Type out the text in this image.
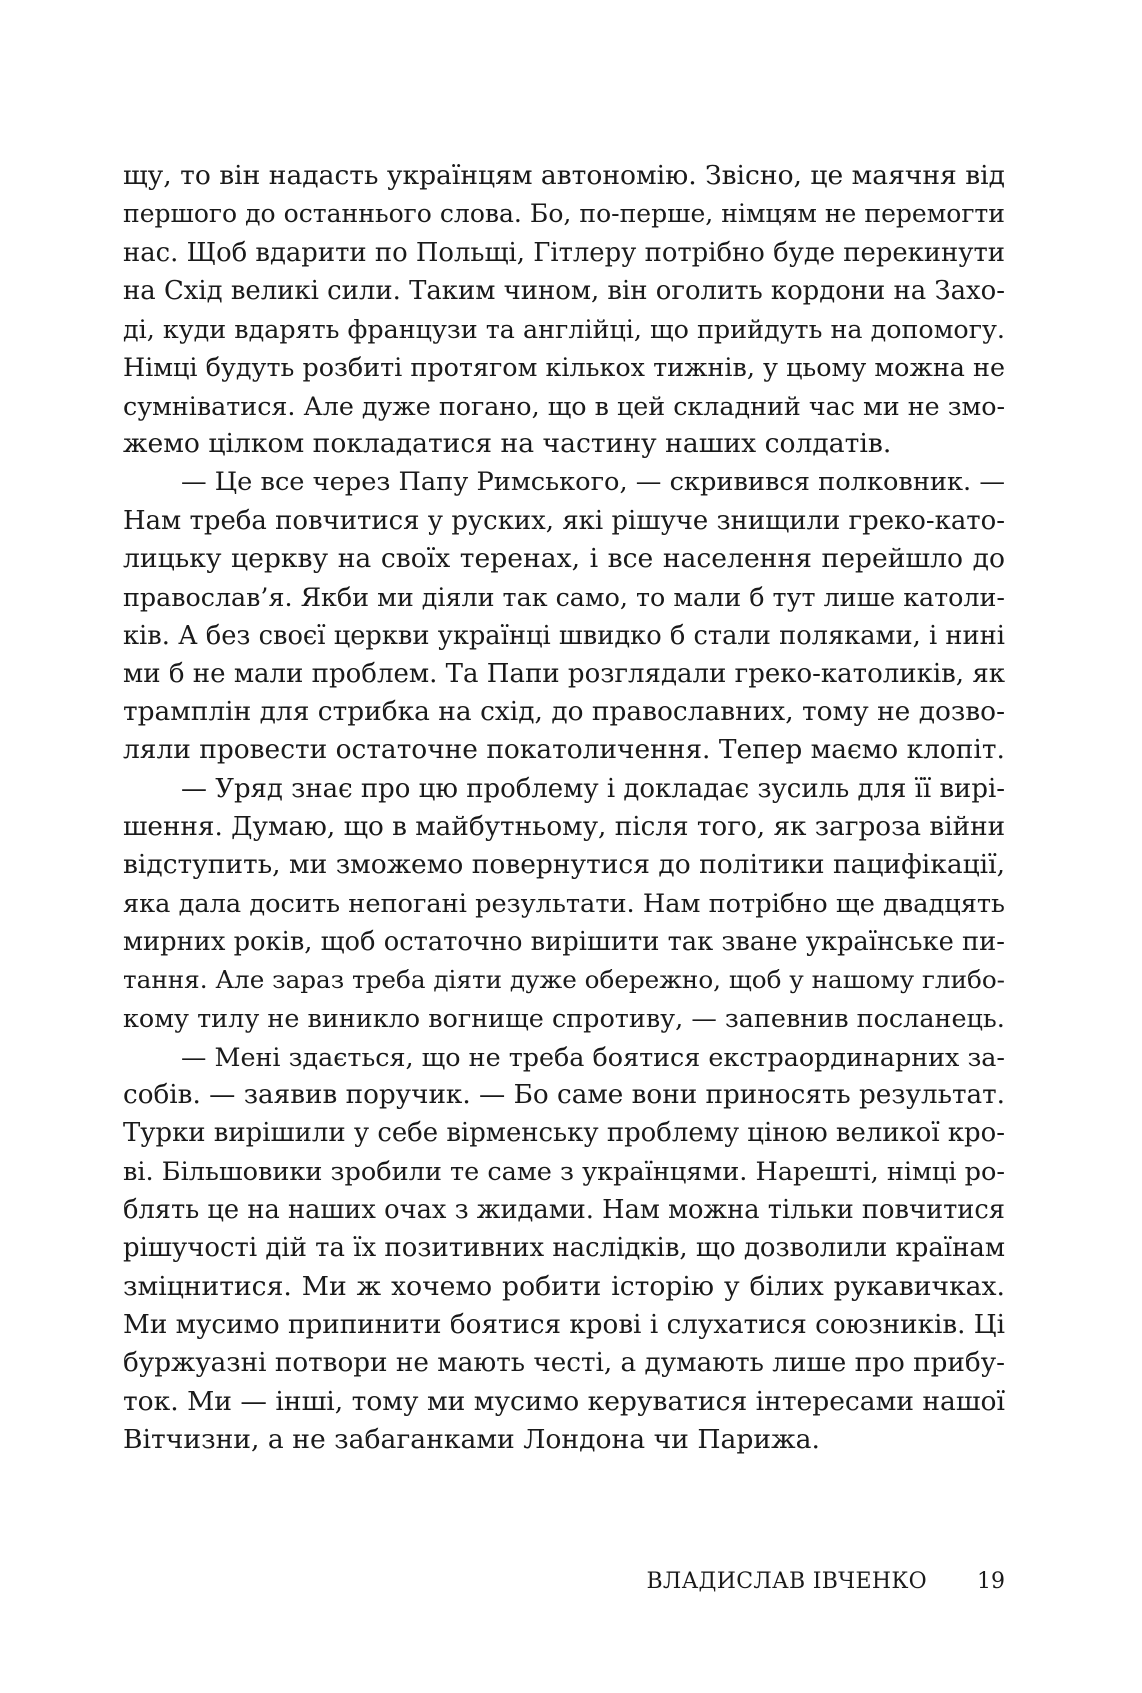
щу, то він надасть українцям автономію. Звісно, це маячня від

першого до останнього слова. Бо, по-перше, німцям не перемогти

нас. Щоб вдарити по Польщі, Гітлеру потрібно буде перекинути

на Схід великі сили. Таким чином, він оголить кордони на Захо-

ді, куди вдарять французи та англійці, що прийдуть на допомогу.

Німці будуть розбиті протягом кількох тижнів, у цьому можна не

сумніватися. Але дуже погано, що в цей складний час ми не змо-

жемо цілком покладатися на частину наших солдатів.

— Це все через Папу Римського, — скривився полковник. —

Нам треба повчитися у руских, які рішуче знищили греко-като-

лицьку церкву на своїх теренах, і все населення перейшло до

православ’я. Якби ми діяли так само, то мали б тут лише католи-

ків. А без своєї церкви українці швидко б стали поляками, і нині

ми б не мали проблем. Та Папи розглядали греко-католиків, як

трамплін для стрибка на схід, до православних, тому не дозво-

ляли провести остаточне покатоличення. Тепер маємо клопіт.

— Уряд знає про цю проблему і докладає зусиль для її вирі-

шення. Думаю, що в майбутньому, після того, як загроза війни

відступить, ми зможемо повернутися до політики пацифікації,

яка дала досить непогані результати. Нам потрібно ще двадцять

мирних років, щоб остаточно вирішити так зване українське пи-

тання. Але зараз треба діяти дуже обережно, щоб у нашому глибо-

кому тилу не виникло вогнище спротиву, — запевнив посланець.

— Мені здається, що не треба боятися екстраординарних за-

собів. — заявив поручик. — Бо саме вони приносять результат.

Турки вирішили у себе вірменську проблему ціною великої кро-

ві. Більшовики зробили те саме з українцями. Нарешті, німці ро-

блять це на наших очах з жидами. Нам можна тільки повчитися

рішучості дій та їх позитивних наслідків, що дозволили країнам

зміцнитися. Ми ж хочемо робити історію у білих рукавичках.

Ми мусимо припинити боятися крові і слухатися союзників. Ці

буржуазні потвори не мають честі, а думають лише про прибу-

ток. Ми — інші, тому ми мусимо керуватися інтересами нашої

Вітчизни, а не забаганками Лондона чи Парижа.

ВЛАДИСЛАВ ІВЧЕНКО 19
